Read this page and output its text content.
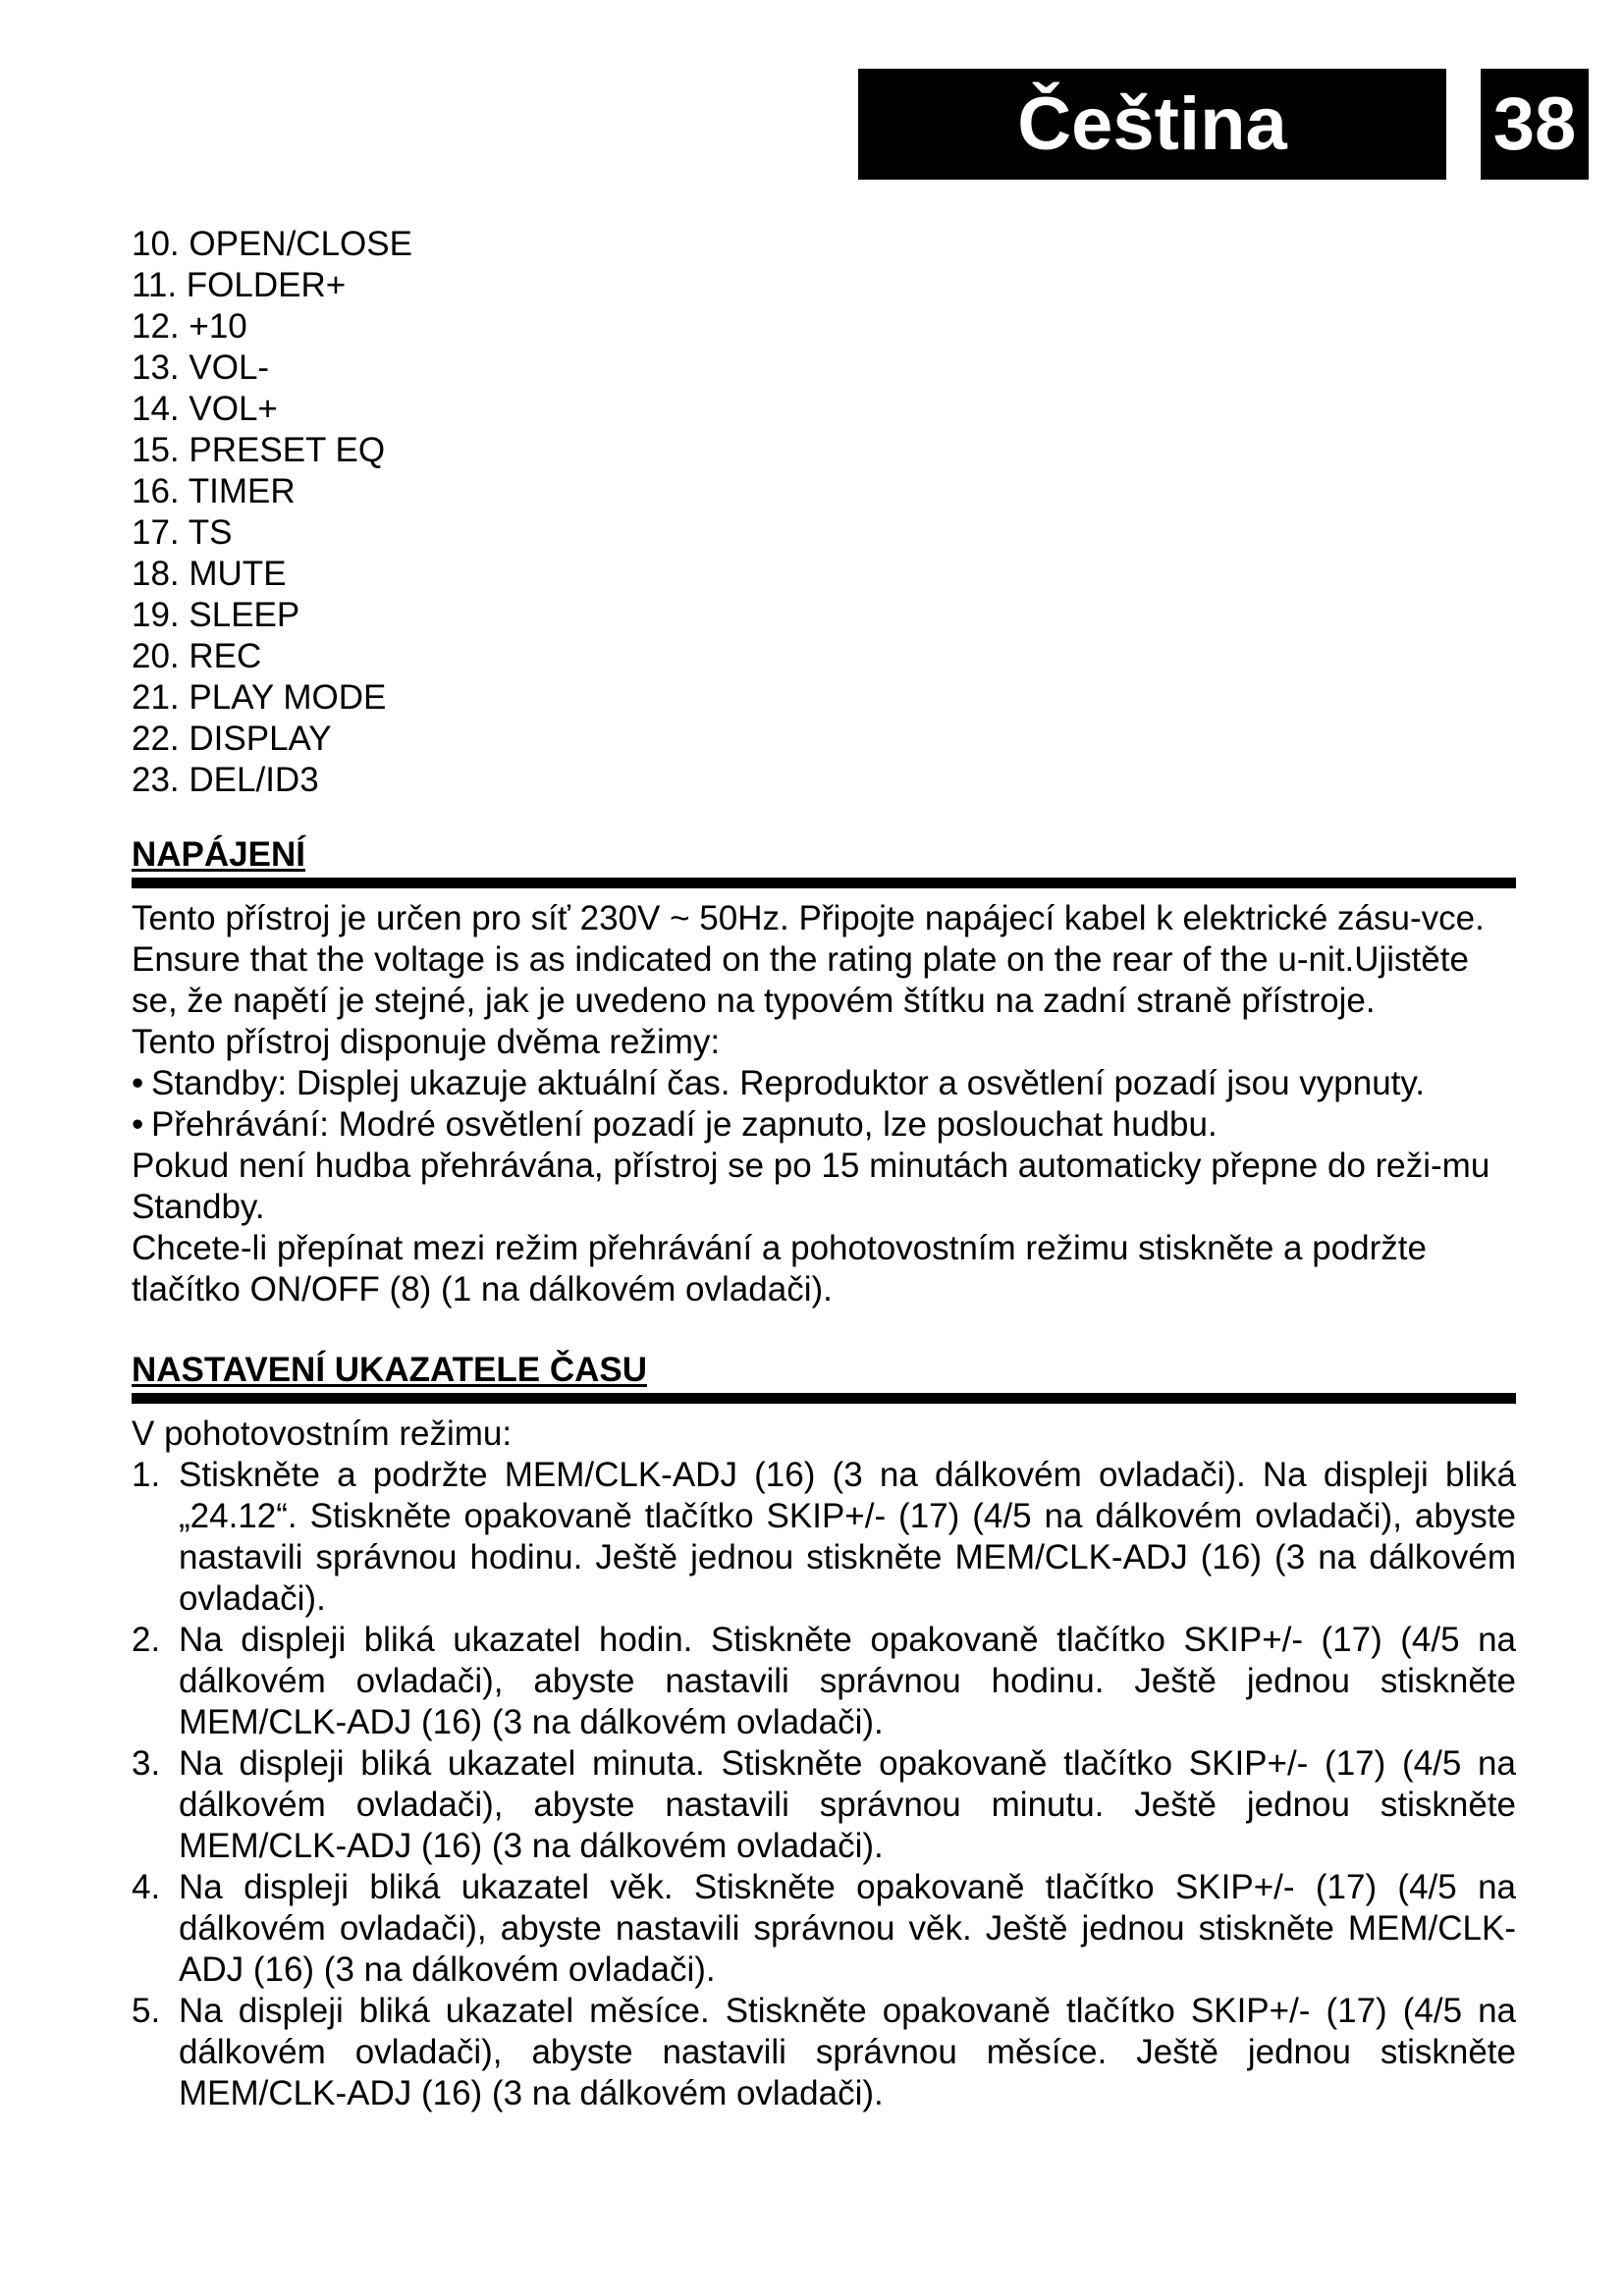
Čeština	38
10. OPEN/CLOSE
11. FOLDER+
12. +10
13. VOL-
14. VOL+
15. PRESET EQ
16. TIMER
17. TS
18. MUTE
19. SLEEP
20. REC
21. PLAY MODE
22. DISPLAY
23. DEL/ID3
NAPÁJENÍ

Tento přístroj je určen pro síť 230V ~ 50Hz. Připojte napájecí kabel k elektrické zásu-vce. Ensure that the voltage is as indicated on the rating plate on the rear of the u-nit.Ujistěte se, že napětí je stejné, jak je uvedeno na typovém štítku na zadní straně přístroje.

Tento přístroj disponuje dvěma režimy:

• Standby: Displej ukazuje aktuální čas. Reproduktor a osvětlení pozadí jsou vypnuty.
• Přehrávání: Modré osvětlení pozadí je zapnuto, lze poslouchat hudbu.

Pokud není hudba přehrávána, přístroj se po 15 minutách automaticky přepne do reži-mu Standby.

Chcete-li přepínat mezi režim přehrávání a pohotovostním režimu stiskněte a podržte tlačítko ON/OFF (8) (1 na dálkovém ovladači).

NASTAVENÍ UKAZATELE ČASU

V pohotovostním režimu:

1. Stiskněte a podržte MEM/CLK-ADJ (16) (3 na dálkovém ovladači). Na displeji bliká „24.12“. Stiskněte opakovaně tlačítko SKIP+/- (17) (4/5 na dálkovém ovladači), abyste nastavili správnou hodinu. Ještě jednou stiskněte MEM/CLK-ADJ (16) (3 na dálkovém ovladači).
2. Na displeji bliká ukazatel hodin. Stiskněte opakovaně tlačítko SKIP+/- (17) (4/5 na dálkovém ovladači), abyste nastavili správnou hodinu. Ještě jednou stiskněte MEM/CLK-ADJ (16) (3 na dálkovém ovladači).
3. Na displeji bliká ukazatel minuta. Stiskněte opakovaně tlačítko SKIP+/- (17) (4/5 na dálkovém ovladači), abyste nastavili správnou minutu. Ještě jednou stiskněte MEM/CLK-ADJ (16) (3 na dálkovém ovladači).
4. Na displeji bliká ukazatel věk. Stiskněte opakovaně tlačítko SKIP+/- (17) (4/5 na dálkovém ovladači), abyste nastavili správnou věk. Ještě jednou stiskněte MEM/CLK-ADJ (16) (3 na dálkovém ovladači).
5. Na displeji bliká ukazatel měsíce. Stiskněte opakovaně tlačítko SKIP+/- (17) (4/5 na dálkovém ovladači), abyste nastavili správnou měsíce. Ještě jednou stiskněte MEM/CLK-ADJ (16) (3 na dálkovém ovladači).
